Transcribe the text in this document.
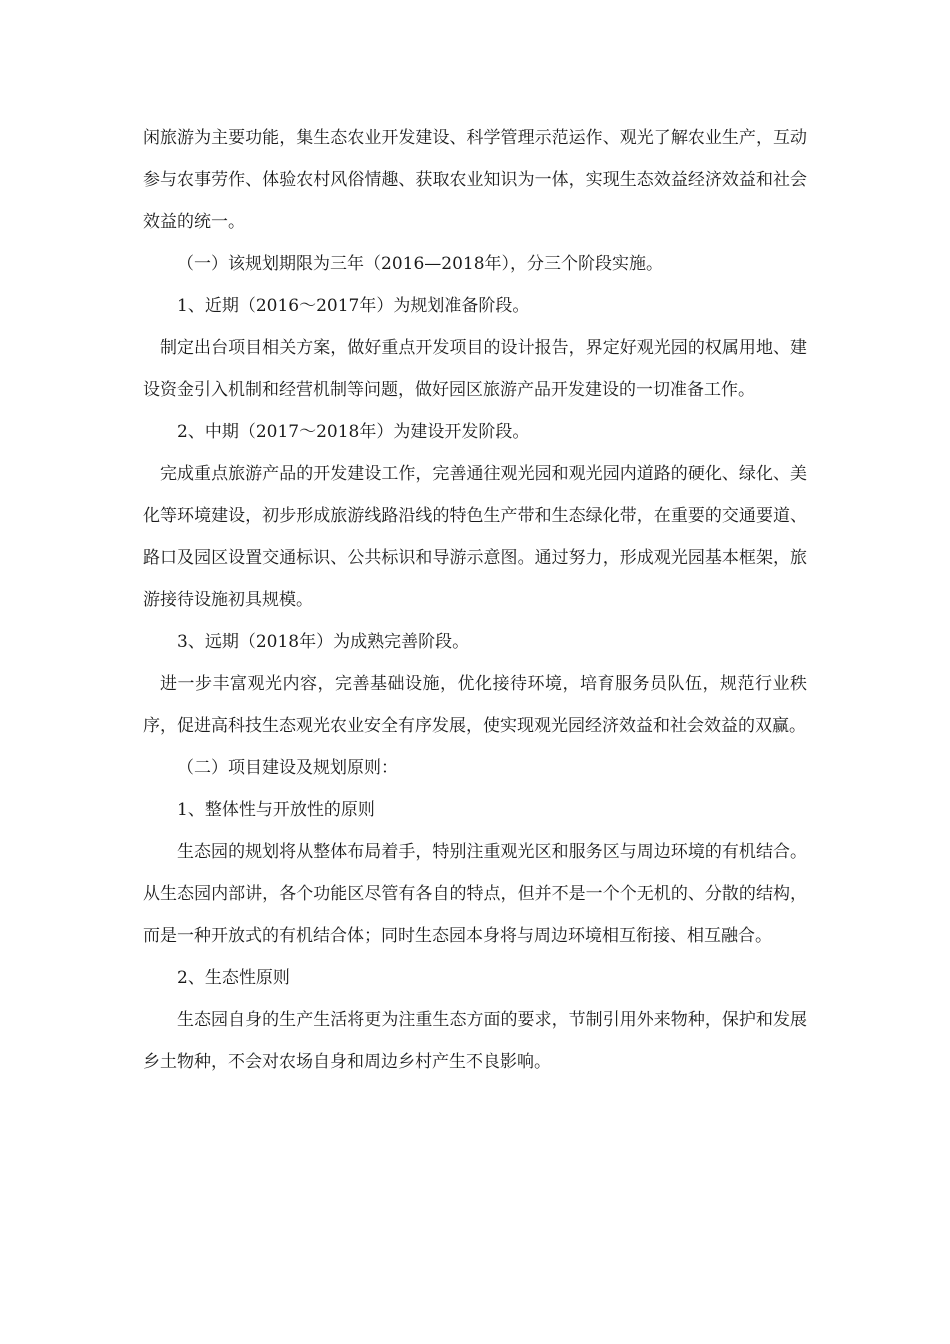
闲旅游为主要功能，集生态农业开发建设、科学管理示范运作、观光了解农业生产，互动参与农事劳作、体验农村风俗情趣、获取农业知识为一体，实现生态效益经济效益和社会效益的统一。

（一）该规划期限为三年（2016—2018年），分三个阶段实施。

1、近期（2016～2017年）为规划准备阶段。

制定出台项目相关方案，做好重点开发项目的设计报告，界定好观光园的权属用地、建设资金引入机制和经营机制等问题，做好园区旅游产品开发建设的一切准备工作。

2、中期（2017～2018年）为建设开发阶段。

完成重点旅游产品的开发建设工作，完善通往观光园和观光园内道路的硬化、绿化、美化等环境建设，初步形成旅游线路沿线的特色生产带和生态绿化带，在重要的交通要道、路口及园区设置交通标识、公共标识和导游示意图。通过努力，形成观光园基本框架，旅游接待设施初具规模。

3、远期（2018年）为成熟完善阶段。

进一步丰富观光内容，完善基础设施，优化接待环境，培育服务员队伍，规范行业秩序，促进高科技生态观光农业安全有序发展，使实现观光园经济效益和社会效益的双赢。

（二）项目建设及规划原则：

1、整体性与开放性的原则

生态园的规划将从整体布局着手，特别注重观光区和服务区与周边环境的有机结合。从生态园内部讲，各个功能区尽管有各自的特点，但并不是一个个无机的、分散的结构，而是一种开放式的有机结合体；同时生态园本身将与周边环境相互衔接、相互融合。

2、生态性原则

生态园自身的生产生活将更为注重生态方面的要求，节制引用外来物种，保护和发展乡土物种，不会对农场自身和周边乡村产生不良影响。
